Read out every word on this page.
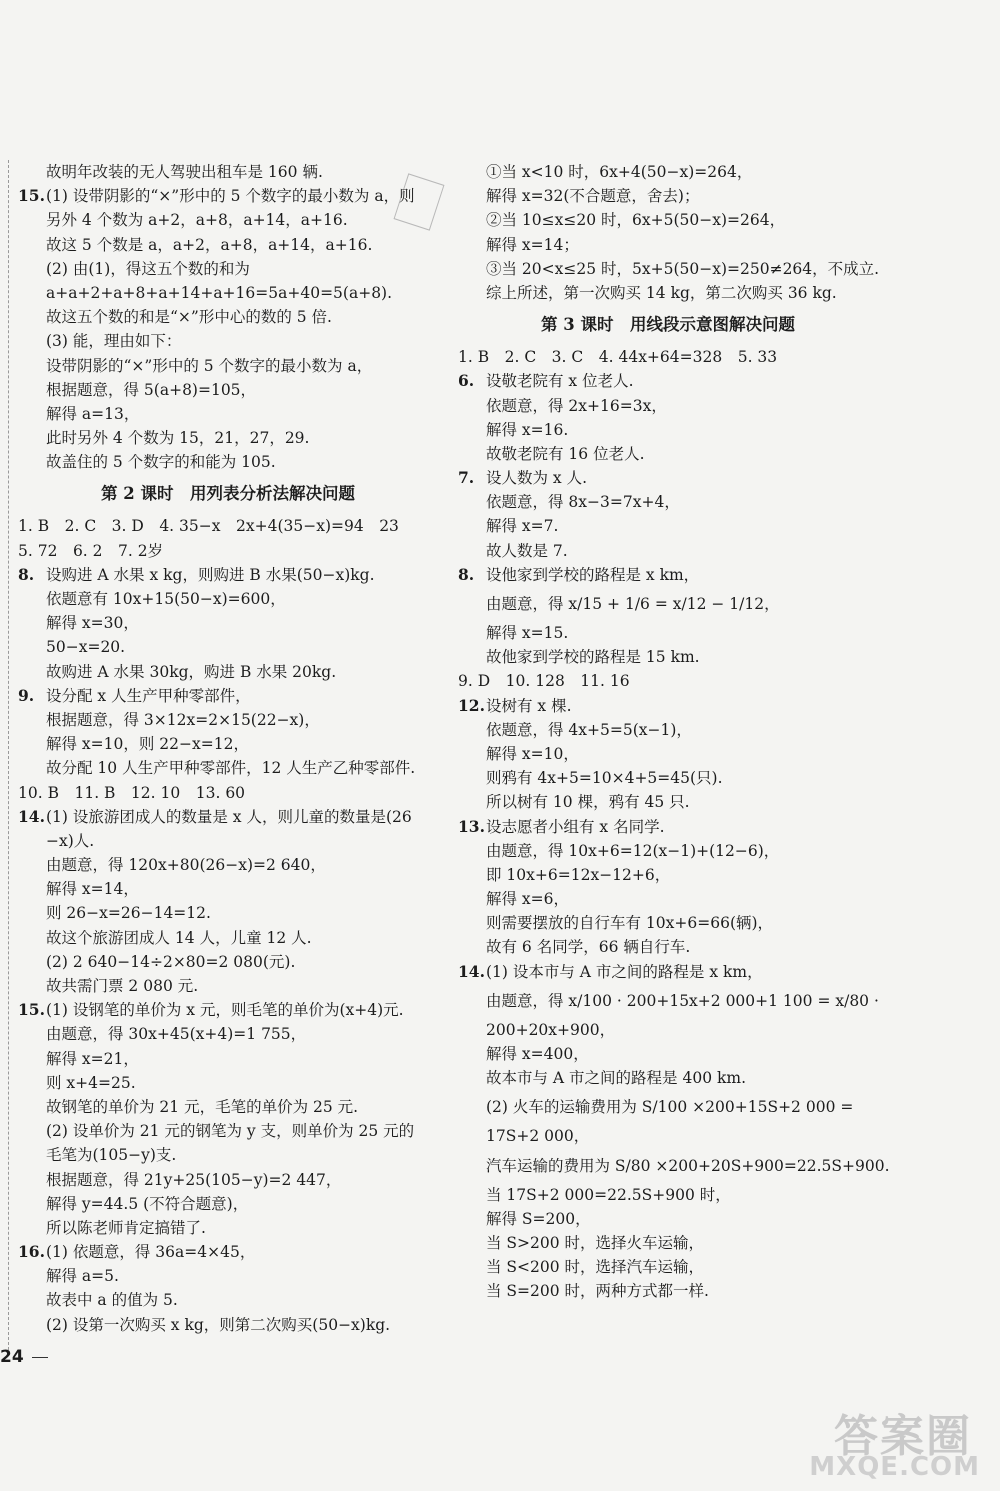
故明年改装的无人驾驶出租车是 160 辆.
15.(1) 设带阴影的“×”形中的 5 个数字的最小数为 a，则
另外 4 个数为 a+2，a+8，a+14，a+16.
故这 5 个数是 a，a+2，a+8，a+14，a+16.
(2) 由(1)，得这五个数的和为
a+a+2+a+8+a+14+a+16=5a+40=5(a+8).
故这五个数的和是“×”形中心的数的 5 倍.
(3) 能，理由如下：
设带阴影的“×”形中的 5 个数字的最小数为 a，
根据题意，得 5(a+8)=105，
解得 a=13，
此时另外 4 个数为 15，21，27，29.
故盖住的 5 个数字的和能为 105.
第 2 课时　用列表分析法解决问题
1. B　2. C　3. D　4. 35−x　2x+4(35−x)=94　23
5. 72　6. 2　7. 2岁
8. 设购进 A 水果 x kg，则购进 B 水果(50−x)kg.
依题意有 10x+15(50−x)=600，
解得 x=30，
50−x=20.
故购进 A 水果 30kg，购进 B 水果 20kg.
9. 设分配 x 人生产甲种零部件，
根据题意，得 3×12x=2×15(22−x)，
解得 x=10，则 22−x=12，
故分配 10 人生产甲种零部件，12 人生产乙种零部件.
10. B　11. B　12. 10　13. 60
14.(1) 设旅游团成人的数量是 x 人，则儿童的数量是(26
−x)人.
由题意，得 120x+80(26−x)=2 640，
解得 x=14，
则 26−x=26−14=12.
故这个旅游团成人 14 人，儿童 12 人.
(2) 2 640−14÷2×80=2 080(元).
故共需门票 2 080 元.
15.(1) 设钢笔的单价为 x 元，则毛笔的单价为(x+4)元.
由题意，得 30x+45(x+4)=1 755，
解得 x=21，
则 x+4=25.
故钢笔的单价为 21 元，毛笔的单价为 25 元.
(2) 设单价为 21 元的钢笔为 y 支，则单价为 25 元的
毛笔为(105−y)支.
根据题意，得 21y+25(105−y)=2 447，
解得 y=44.5 (不符合题意)，
所以陈老师肯定搞错了.
16.(1) 依题意，得 36a=4×45，
解得 a=5.
故表中 a 的值为 5.
(2) 设第一次购买 x kg，则第二次购买(50−x)kg.
①当 x<10 时，6x+4(50−x)=264，
解得 x=32(不合题意，舍去)；
②当 10≤x≤20 时，6x+5(50−x)=264，
解得 x=14；
③当 20<x≤25 时，5x+5(50−x)=250≠264，不成立.
综上所述，第一次购买 14 kg，第二次购买 36 kg.
第 3 课时　用线段示意图解决问题
1. B　2. C　3. C　4. 44x+64=328　5. 33
6. 设敬老院有 x 位老人.
依题意，得 2x+16=3x，
解得 x=16.
故敬老院有 16 位老人.
7. 设人数为 x 人.
依题意，得 8x−3=7x+4，
解得 x=7.
故人数是 7.
8. 设他家到学校的路程是 x km，
由题意，得 x/15 + 1/6 = x/12 − 1/12，
解得 x=15.
故他家到学校的路程是 15 km.
9. D　10. 128　11. 16
12.设树有 x 棵.
依题意，得 4x+5=5(x−1)，
解得 x=10，
则鸦有 4x+5=10×4+5=45(只).
所以树有 10 棵，鸦有 45 只.
13.设志愿者小组有 x 名同学.
由题意，得 10x+6=12(x−1)+(12−6)，
即 10x+6=12x−12+6，
解得 x=6，
则需要摆放的自行车有 10x+6=66(辆)，
故有 6 名同学，66 辆自行车.
14.(1) 设本市与 A 市之间的路程是 x km，
由题意，得 x/100 · 200+15x+2 000+1 100 = x/80 ·
200+20x+900，
解得 x=400，
故本市与 A 市之间的路程是 400 km.
(2) 火车的运输费用为 S/100 ×200+15S+2 000 =
17S+2 000，
汽车运输的费用为 S/80 ×200+20S+900=22.5S+900.
当 17S+2 000=22.5S+900 时，
解得 S=200，
当 S>200 时，选择火车运输，
当 S<200 时，选择汽车运输，
当 S=200 时，两种方式都一样.
24
答案圈
MXQE.COM
